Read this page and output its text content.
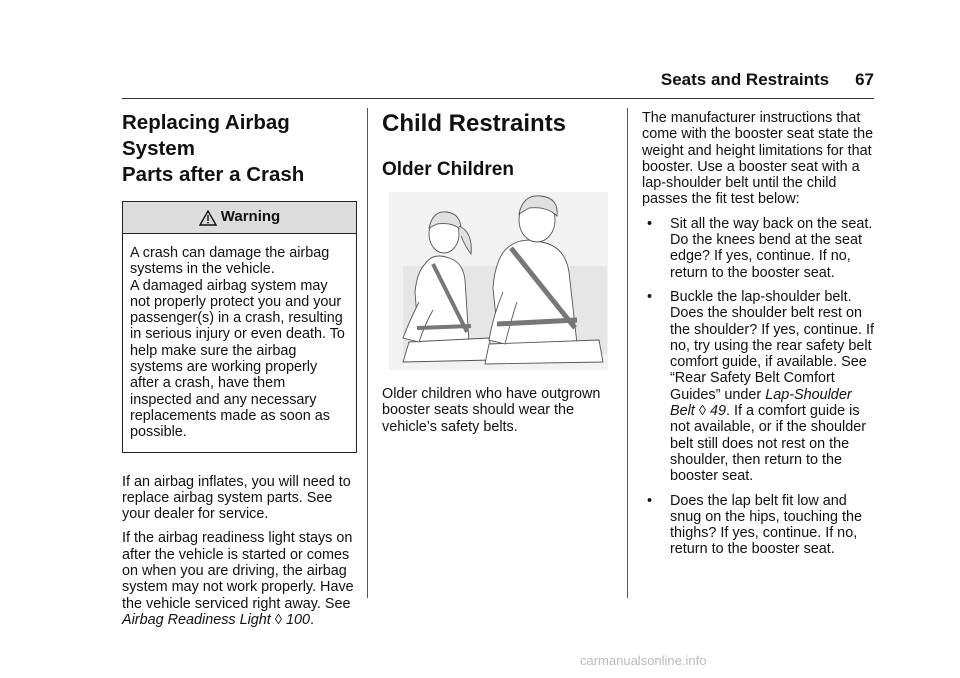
Seats and Restraints 67
Replacing Airbag System
Parts after a Crash
Warning

A crash can damage the airbag systems in the vehicle.

A damaged airbag system may not properly protect you and your passenger(s) in a crash, resulting in serious injury or even death. To help make sure the airbag systems are working properly after a crash, have them inspected and any necessary replacements made as soon as possible.

If an airbag inflates, you will need to replace airbag system parts. See your dealer for service.

If the airbag readiness light stays on after the vehicle is started or comes on when you are driving, the airbag system may not work properly. Have the vehicle serviced right away. See Airbag Readiness Light ◊ 100.

Child Restraints
Older Children

Older children who have outgrown booster seats should wear the vehicle’s safety belts.

The manufacturer instructions that come with the booster seat state the weight and height limitations for that booster. Use a booster seat with a lap-shoulder belt until the child passes the fit test below:

•	Sit all the way back on the seat. Do the knees bend at the seat edge? If yes, continue. If no, return to the booster seat.
•	Buckle the lap-shoulder belt. Does the shoulder belt rest on the shoulder? If yes, continue. If no, try using the rear safety belt comfort guide, if available. See “Rear Safety Belt Comfort Guides” under Lap-Shoulder Belt ◊ 49. If a comfort guide is not available, or if the shoulder belt still does not rest on the shoulder, then return to the booster seat.
•	Does the lap belt fit low and snug on the hips, touching the thighs? If yes, continue. If no, return to the booster seat.
carmanualsonline.info
